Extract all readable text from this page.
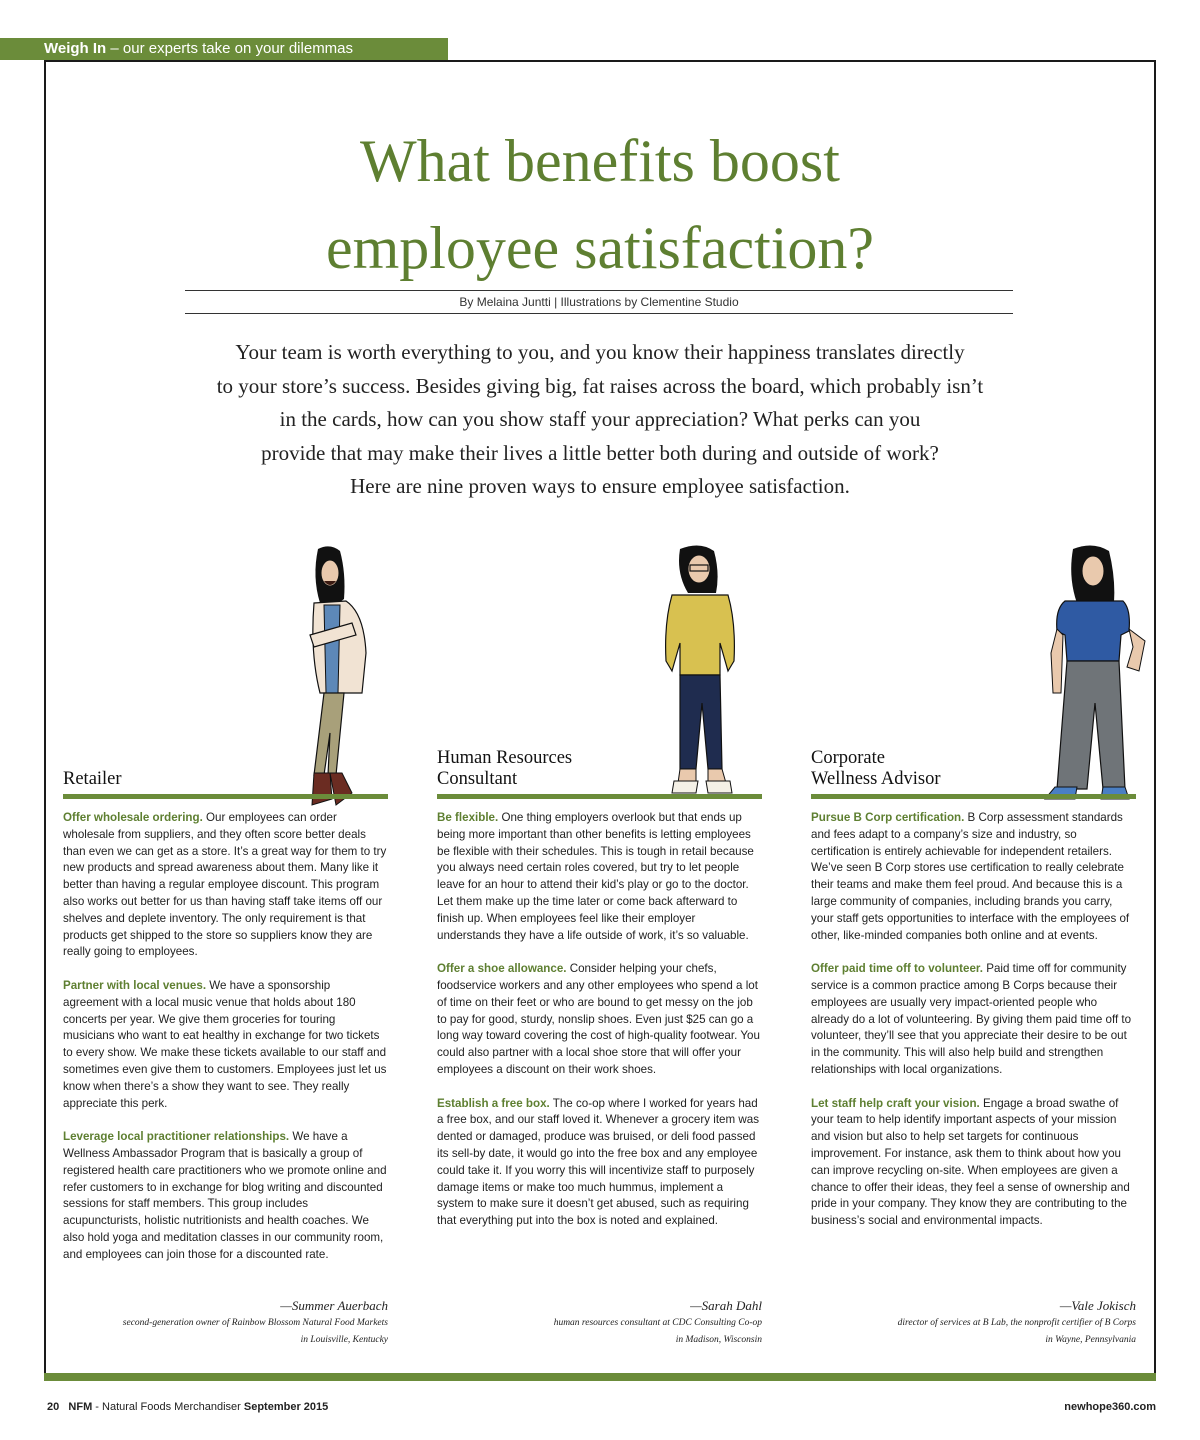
Weigh In – our experts take on your dilemmas
What benefits boost
employee satisfaction?
By Melaina Juntti | Illustrations by Clementine Studio
Your team is worth everything to you, and you know their happiness translates directly
to your store’s success. Besides giving big, fat raises across the board, which probably isn’t
in the cards, how can you show staff your appreciation? What perks can you
provide that may make their lives a little better both during and outside of work?
Here are nine proven ways to ensure employee satisfaction.
Retailer

Offer wholesale ordering. Our employees can order wholesale from suppliers, and they often score better deals than even we can get as a store. It’s a great way for them to try new products and spread awareness about them. Many like it better than having a regular employee discount. This program also works out better for us than having staff take items off our shelves and deplete inventory. The only requirement is that products get shipped to the store so suppliers know they are really going to employees.

Partner with local venues. We have a sponsorship agreement with a local music venue that holds about 180 concerts per year. We give them groceries for touring musicians who want to eat healthy in exchange for two tickets to every show. We make these tickets available to our staff and sometimes even give them to customers. Employees just let us know when there’s a show they want to see. They really appreciate this perk.

Leverage local practitioner relationships. We have a Wellness Ambassador Program that is basically a group of registered health care practitioners who we promote online and refer customers to in exchange for blog writing and discounted sessions for staff members. This group includes acupuncturists, holistic nutritionists and health coaches. We also hold yoga and meditation classes in our community room, and employees can join those for a discounted rate.

Human Resources
Consultant

Be flexible. One thing employers overlook but that ends up being more important than other benefits is letting employees be flexible with their schedules. This is tough in retail because you always need certain roles covered, but try to let people leave for an hour to attend their kid’s play or go to the doctor. Let them make up the time later or come back afterward to finish up. When employees feel like their employer understands they have a life outside of work, it’s so valuable.

Offer a shoe allowance. Consider helping your chefs, foodservice workers and any other employees who spend a lot of time on their feet or who are bound to get messy on the job to pay for good, sturdy, nonslip shoes. Even just $25 can go a long way toward covering the cost of high-quality footwear. You could also partner with a local shoe store that will offer your employees a discount on their work shoes.

Establish a free box. The co-op where I worked for years had a free box, and our staff loved it. Whenever a grocery item was dented or damaged, produce was bruised, or deli food passed its sell-by date, it would go into the free box and any employee could take it. If you worry this will incentivize staff to purposely damage items or make too much hummus, implement a system to make sure it doesn’t get abused, such as requiring that everything put into the box is noted and explained.

Corporate
Wellness Advisor

Pursue B Corp certification. B Corp assessment standards and fees adapt to a company’s size and industry, so certification is entirely achievable for independent retailers. We’ve seen B Corp stores use certification to really celebrate their teams and make them feel proud. And because this is a large community of companies, including brands you carry, your staff gets opportunities to interface with the employees of other, like-minded companies both online and at events.

Offer paid time off to volunteer. Paid time off for community service is a common practice among B Corps because their employees are usually very impact-oriented people who already do a lot of volunteering. By giving them paid time off to volunteer, they’ll see that you appreciate their desire to be out in the community. This will also help build and strengthen relationships with local organizations.

Let staff help craft your vision. Engage a broad swathe of your team to help identify important aspects of your mission and vision but also to help set targets for continuous improvement. For instance, ask them to think about how you can improve recycling on-site. When employees are given a chance to offer their ideas, they feel a sense of ownership and pride in your company. They know they are contributing to the business’s social and environmental impacts.

—Summer Auerbach
second-generation owner of Rainbow Blossom Natural Food Markets
in Louisville, Kentucky
—Sarah Dahl
human resources consultant at CDC Consulting Co-op
in Madison, Wisconsin
—Vale Jokisch
director of services at B Lab, the nonprofit certifier of B Corps
in Wayne, Pennsylvania
20 NFM - Natural Foods Merchandiser September 2015	newhope360.com
